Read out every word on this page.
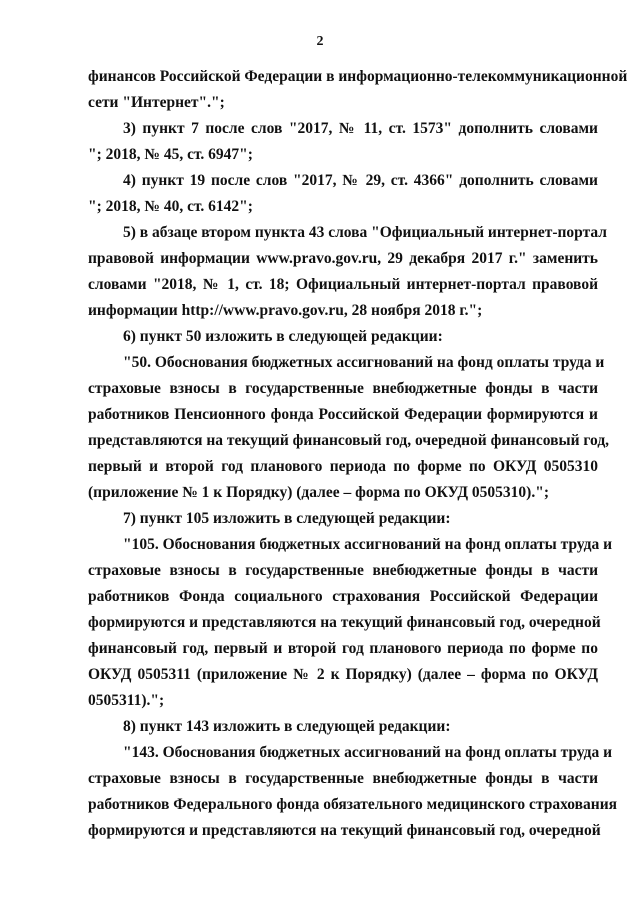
2
финансов Российской Федерации в информационно-телекоммуникационной
сети "Интернет".";
3) пункт 7 после слов "2017, № 11, ст. 1573" дополнить словами
"; 2018, № 45, ст. 6947";
4) пункт 19 после слов "2017, № 29, ст. 4366" дополнить словами
"; 2018, № 40, ст. 6142";
5) в абзаце втором пункта 43 слова "Официальный интернет-портал
правовой информации www.pravo.gov.ru, 29 декабря 2017 г." заменить
словами "2018, № 1, ст. 18; Официальный интернет-портал правовой
информации http://www.pravo.gov.ru, 28 ноября 2018 г.";
6) пункт 50 изложить в следующей редакции:
"50. Обоснования бюджетных ассигнований на фонд оплаты труда и
страховые взносы в государственные внебюджетные фонды в части
работников Пенсионного фонда Российской Федерации формируются и
представляются на текущий финансовый год, очередной финансовый год,
первый и второй год планового периода по форме по ОКУД 0505310
(приложение № 1 к Порядку) (далее – форма по ОКУД 0505310).";
7) пункт 105 изложить в следующей редакции:
"105. Обоснования бюджетных ассигнований на фонд оплаты труда и
страховые взносы в государственные внебюджетные фонды в части
работников Фонда социального страхования Российской Федерации
формируются и представляются на текущий финансовый год, очередной
финансовый год, первый и второй год планового периода по форме по
ОКУД 0505311 (приложение № 2 к Порядку) (далее – форма по ОКУД
0505311).";
8) пункт 143 изложить в следующей редакции:
"143. Обоснования бюджетных ассигнований на фонд оплаты труда и
страховые взносы в государственные внебюджетные фонды в части
работников Федерального фонда обязательного медицинского страхования
формируются и представляются на текущий финансовый год, очередной
